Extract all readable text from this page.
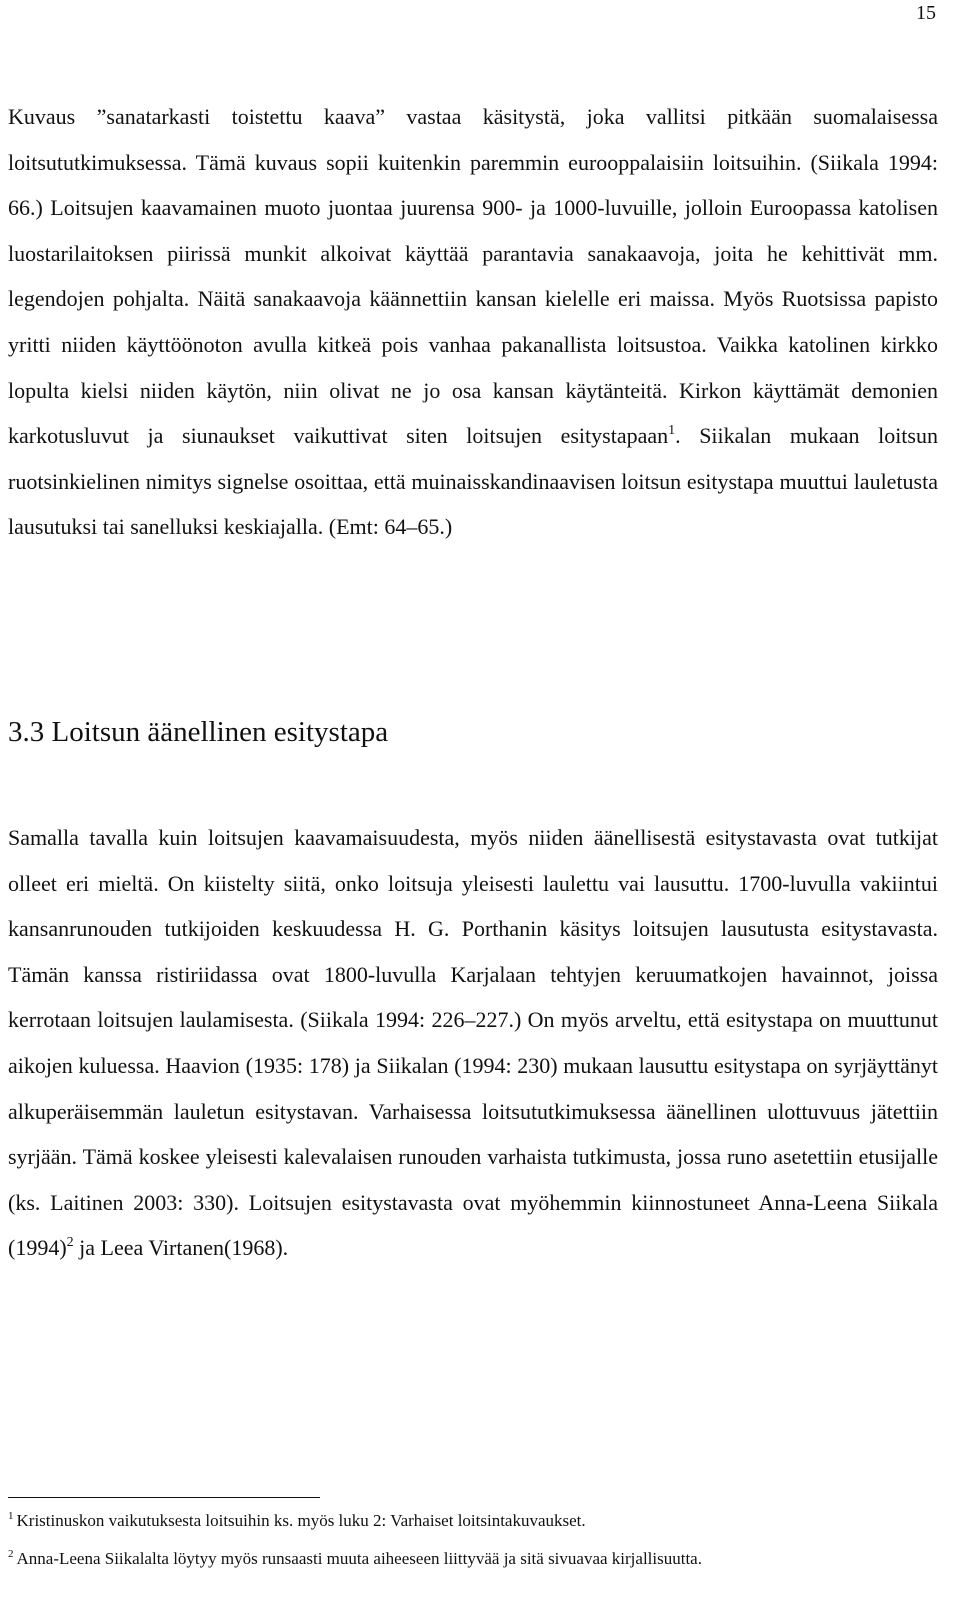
15

Kuvaus ”sanatarkasti toistettu kaava” vastaa käsitystä, joka vallitsi pitkään suomalaisessa loitsututkimuksessa. Tämä kuvaus sopii kuitenkin paremmin eurooppalaisiin loitsuihin. (Siikala 1994: 66.) Loitsujen kaavamainen muoto juontaa juurensa 900- ja 1000-luvuille, jolloin Euroopassa katolisen luostarilaitoksen piirissä munkit alkoivat käyttää parantavia sanakaavoja, joita he kehittivät mm. legendojen pohjalta. Näitä sanakaavoja käännettiin kansan kielelle eri maissa. Myös Ruotsissa papisto yritti niiden käyttöönoton avulla kitkeä pois vanhaa pakanallista loitsustoa. Vaikka katolinen kirkko lopulta kielsi niiden käytön, niin olivat ne jo osa kansan käytänteitä. Kirkon käyttämät demonien karkotusluvut ja siunaukset vaikuttivat siten loitsujen esitystapaan$^1$. Siikalan mukaan loitsun ruotsinkielinen nimitys signelse osoittaa, että muinaisskandinaavisen loitsun esitystapa muuttui lauletusta lausutuksi tai sanelluksi keskiajalla. (Emt: 64–65.)

3.3 Loitsun äänellinen esitystapa

Samalla tavalla kuin loitsujen kaavamaisuudesta, myös niiden äänellisestä esitystavasta ovat tutkijat olleet eri mieltä. On kiistelty siitä, onko loitsuja yleisesti laulettu vai lausuttu. 1700-luvulla vakiintui kansanrunouden tutkijoiden keskuudessa H. G. Porthanin käsitys loitsujen lausutusta esitystavasta. Tämän kanssa ristiriidassa ovat 1800-luvulla Karjalaan tehtyjen keruumatkojen havainnot, joissa kerrotaan loitsujen laulamisesta. (Siikala 1994: 226–227.) On myös arveltu, että esitystapa on muuttunut aikojen kuluessa. Haavion (1935: 178) ja Siikalan (1994: 230) mukaan lausuttu esitystapa on syrjäyttänyt alkuperäisemmän lauletun esitystavan. Varhaisessa loitsututkimuksessa äänellinen ulottuvuus jätettiin syrjään. Tämä koskee yleisesti kalevalaisen runouden varhaista tutkimusta, jossa runo asetettiin etusijalle (ks. Laitinen 2003: 330). Loitsujen esitystavasta ovat myöhemmin kiinnostuneet Anna-Leena Siikala $(1994)^2$ ja Leea Virtanen(1968).

$^1$ Kristinuskon vaikutuksesta loitsuihin ks. myös luku 2: Varhaiset loitsintakuvaukset.

$^2$ Anna-Leena Siikalalta löytyy myös runsaasti muuta aiheeseen liittyvää ja sitä sivuavaa kirjallisuutta.
